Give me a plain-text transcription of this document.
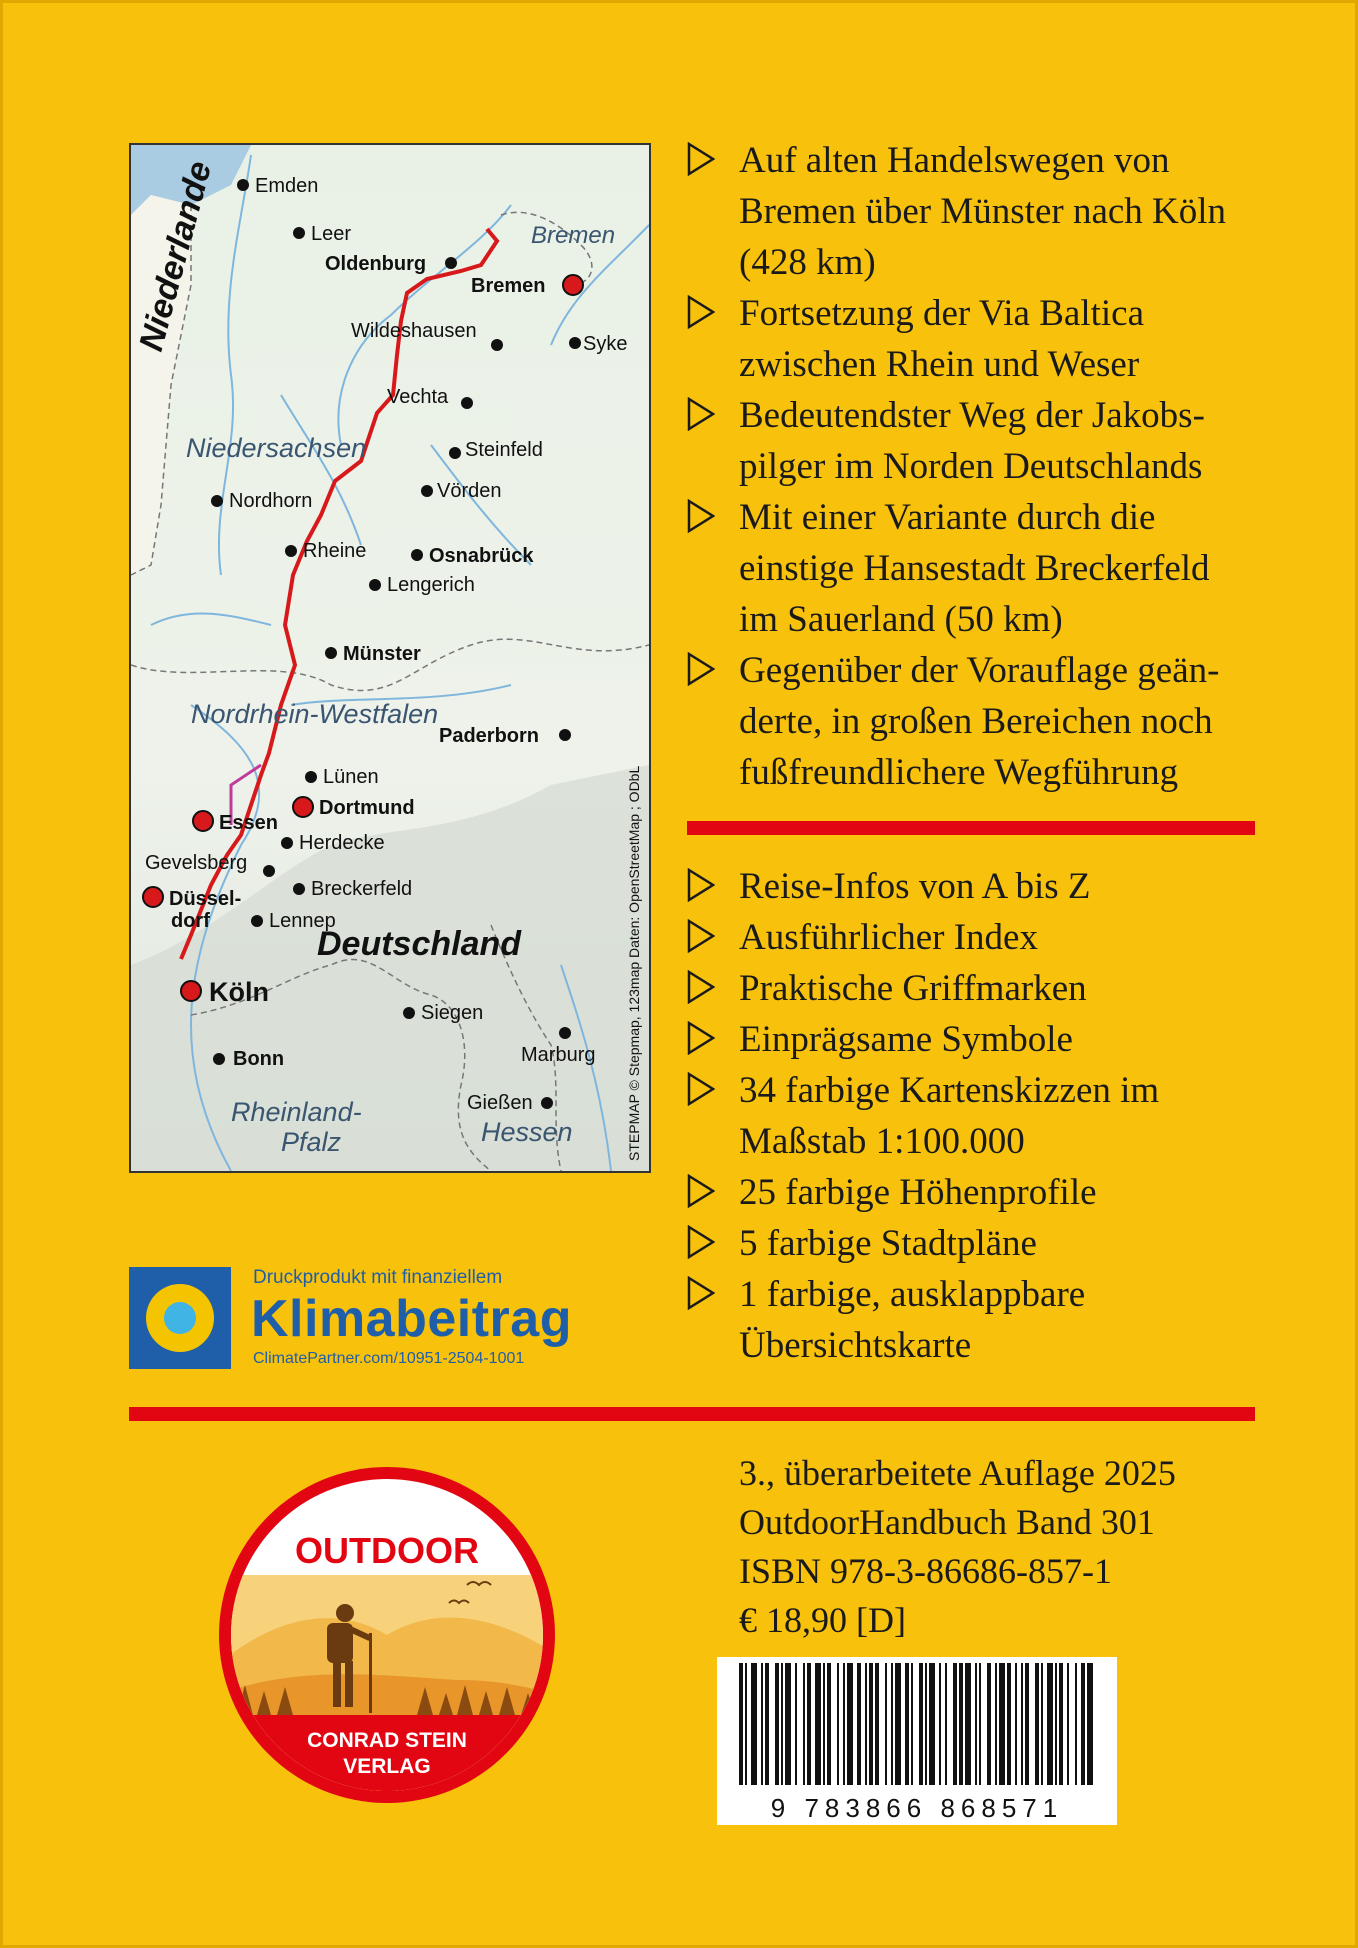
Niederlande
Deutschland
Bremen
Niedersachsen
Nordrhein-Westfalen
Rheinland-
Pfalz	Hessen
Emden
Leer
Oldenburg
Bremen
Wildeshausen
Syke
Vechta
Steinfeld
Vörden
Nordhorn
Rheine	Osnabrück
Lengerich
Münster
Paderborn
Lünen
Dortmund
Essen
Herdecke
Gevelsberg
Breckerfeld
Düssel-
dorf	Lennep
Köln
Siegen
Marburg
Bonn
Gießen	STEPMAP © Stepmap, 123map Daten: OpenStreetMap ; ODbL
Auf alten Handelswegen von Bremen über Münster nach Köln (428 km)
Fortsetzung der Via Baltica zwischen Rhein und Weser
Bedeutendster Weg der Jakobspilger im Norden Deutschlands
Mit einer Variante durch die einstige Hansestadt Breckerfeld im Sauerland (50 km)
Gegenüber der Vorauflage geänderte, in großen Bereichen noch fußfreundlichere Wegführung
Reise-Infos von A bis Z
Ausführlicher Index
Praktische Griffmarken
Einprägsame Symbole
34 farbige Kartenskizzen im Maßstab 1:100.000
25 farbige Höhenprofile
5 farbige Stadtpläne
1 farbige, ausklappbare Übersichtskarte
Druckprodukt mit finanziellem
Klimabeitrag
ClimatePartner.com/10951-2504-1001
OUTDOOR
CONRAD STEIN
VERLAG
3., überarbeitete Auflage 2025
OutdoorHandbuch Band 301
ISBN 978-3-86686-857-1
€ 18,90 [D]
9 783866 868571
